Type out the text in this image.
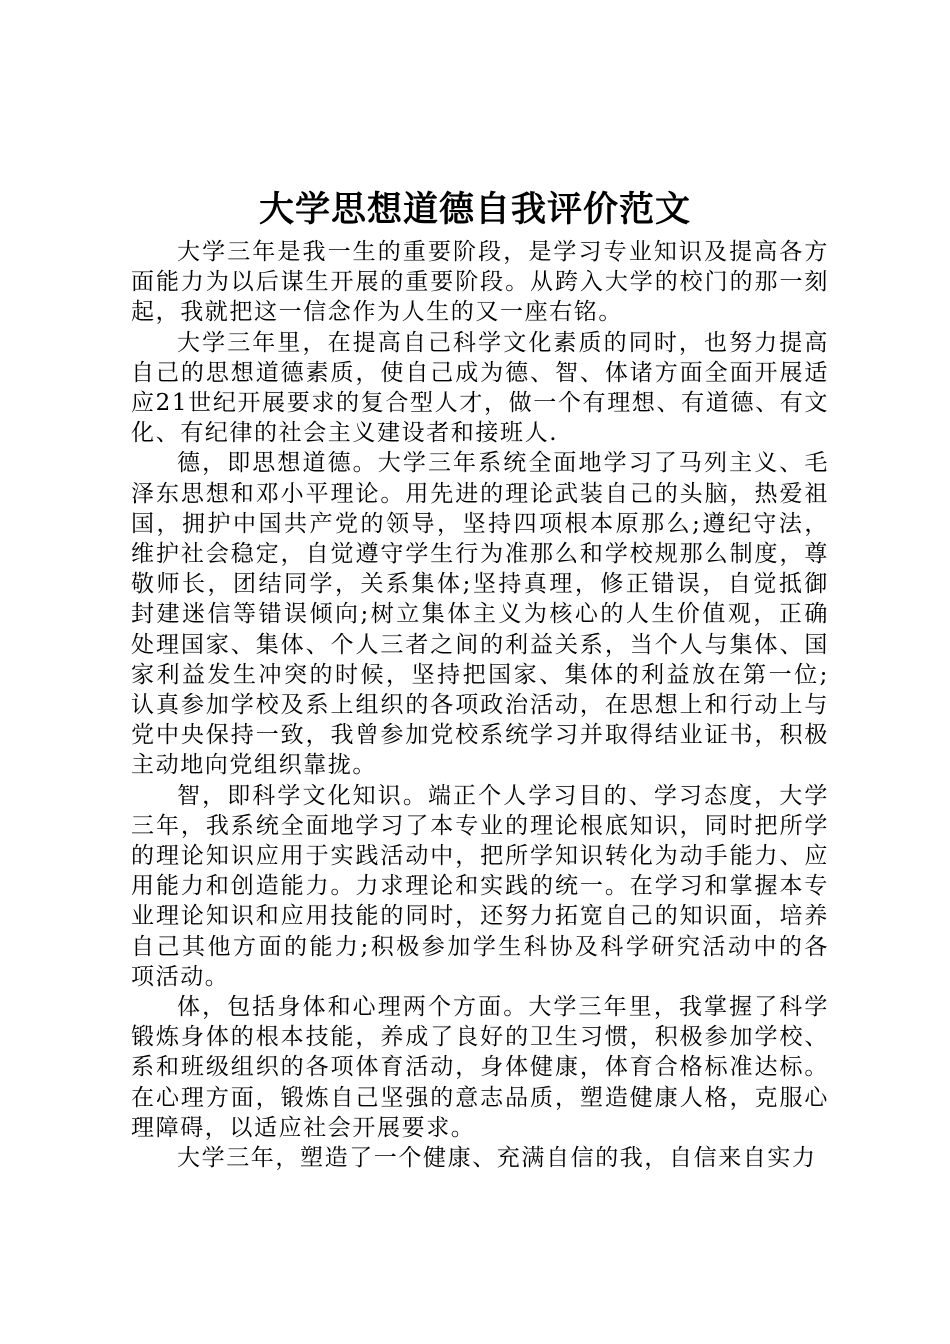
大学思想道德自我评价范文

大学三年是我一生的重要阶段，是学习专业知识及提高各方面能力为以后谋生开展的重要阶段。从跨入大学的校门的那一刻起，我就把这一信念作为人生的又一座右铭。

大学三年里，在提高自己科学文化素质的同时，也努力提高自己的思想道德素质，使自己成为德、智、体诸方面全面开展适应21世纪开展要求的复合型人才，做一个有理想、有道德、有文化、有纪律的社会主义建设者和接班人.

德，即思想道德。大学三年系统全面地学习了马列主义、毛泽东思想和邓小平理论。用先进的理论武装自己的头脑，热爱祖国，拥护中国共产党的领导，坚持四项根本原那么;遵纪守法，维护社会稳定，自觉遵守学生行为准那么和学校规那么制度，尊敬师长，团结同学，关系集体;坚持真理，修正错误，自觉抵御封建迷信等错误倾向;树立集体主义为核心的人生价值观，正确处理国家、集体、个人三者之间的利益关系，当个人与集体、国家利益发生冲突的时候，坚持把国家、集体的利益放在第一位;认真参加学校及系上组织的各项政治活动，在思想上和行动上与党中央保持一致，我曾参加党校系统学习并取得结业证书，积极主动地向党组织靠拢。

智，即科学文化知识。端正个人学习目的、学习态度，大学三年，我系统全面地学习了本专业的理论根底知识，同时把所学的理论知识应用于实践活动中，把所学知识转化为动手能力、应用能力和创造能力。力求理论和实践的统一。在学习和掌握本专业理论知识和应用技能的同时，还努力拓宽自己的知识面，培养自己其他方面的能力;积极参加学生科协及科学研究活动中的各项活动。

体，包括身体和心理两个方面。大学三年里，我掌握了科学锻炼身体的根本技能，养成了良好的卫生习惯，积极参加学校、系和班级组织的各项体育活动，身体健康，体育合格标准达标。在心理方面，锻炼自己坚强的意志品质，塑造健康人格，克服心理障碍，以适应社会开展要求。

大学三年，塑造了一个健康、充满自信的我，自信来自实力
